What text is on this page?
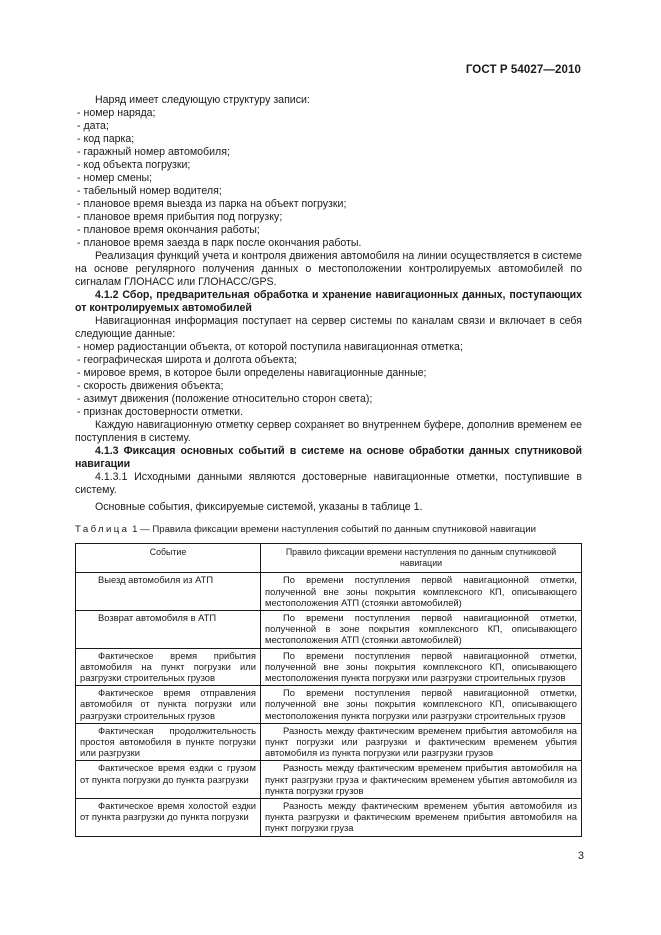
ГОСТ Р 54027—2010

Наряд имеет следующую структуру записи:

- номер наряда;
- дата;
- код парка;
- гаражный номер автомобиля;
- код объекта погрузки;
- номер смены;
- табельный номер водителя;
- плановое время выезда из парка на объект погрузки;
- плановое время прибытия под погрузку;
- плановое время окончания работы;
- плановое время заезда в парк после окончания работы.

Реализация функций учета и контроля движения автомобиля на линии осуществляется в системе на основе регулярного получения данных о местоположении контролируемых автомобилей по сигналам ГЛОНАСС или ГЛОНАСС/GPS.

4.1.2 Сбор, предварительная обработка и хранение навигационных данных, поступающих от контролируемых автомобилей

Навигационная информация поступает на сервер системы по каналам связи и включает в себя следующие данные:

- номер радиостанции объекта, от которой поступила навигационная отметка;
- географическая широта и долгота объекта;
- мировое время, в которое были определены навигационные данные;
- скорость движения объекта;
- азимут движения (положение относительно сторон света);
- признак достоверности отметки.

Каждую навигационную отметку сервер сохраняет во внутреннем буфере, дополнив временем ее поступления в систему.

4.1.3 Фиксация основных событий в системе на основе обработки данных спутниковой навигации

4.1.3.1 Исходными данными являются достоверные навигационные отметки, поступившие в систему.

Основные события, фиксируемые системой, указаны в таблице 1.

Таблица 1 — Правила фиксации времени наступления событий по данным спутниковой навигации
Событие	Правило фиксации времени наступления по данным спутниковой навигации
Выезд автомобиля из АТП	По времени поступления первой навигационной отметки, полученной вне зоны покрытия комплексного КП, описывающего местоположения АТП (стоянки автомобилей)
Возврат автомобиля в АТП	По времени поступления первой навигационной отметки, полученной в зоне покрытия комплексного КП, описывающего местоположения АТП (стоянки автомобилей)
Фактическое время прибытия автомобиля на пункт погрузки или разгрузки строительных грузов	По времени поступления первой навигационной отметки, полученной вне зоны покрытия комплексного КП, описывающего местоположения пункта погрузки или разгрузки строительных грузов
Фактическое время отправления автомобиля от пункта погрузки или разгрузки строительных грузов	По времени поступления первой навигационной отметки, полученной вне зоны покрытия комплексного КП, описывающего местоположения пункта погрузки или разгрузки строительных грузов
Фактическая продолжительность простоя автомобиля в пункте погрузки или разгрузки	Разность между фактическим временем прибытия автомобиля на пункт погрузки или разгрузки и фактическим временем убытия автомобиля из пункта погрузки или разгрузки грузов
Фактическое время ездки с грузом от пункта погрузки до пункта разгрузки	Разность между фактическим временем прибытия автомобиля на пункт разгрузки груза и фактическим временем убытия автомобиля из пункта погрузки грузов
Фактическое время холостой ездки от пункта разгрузки до пункта погрузки	Разность между фактическим временем убытия автомобиля из пункта разгрузки и фактическим временем прибытия автомобиля на пункт погрузки груза
3
